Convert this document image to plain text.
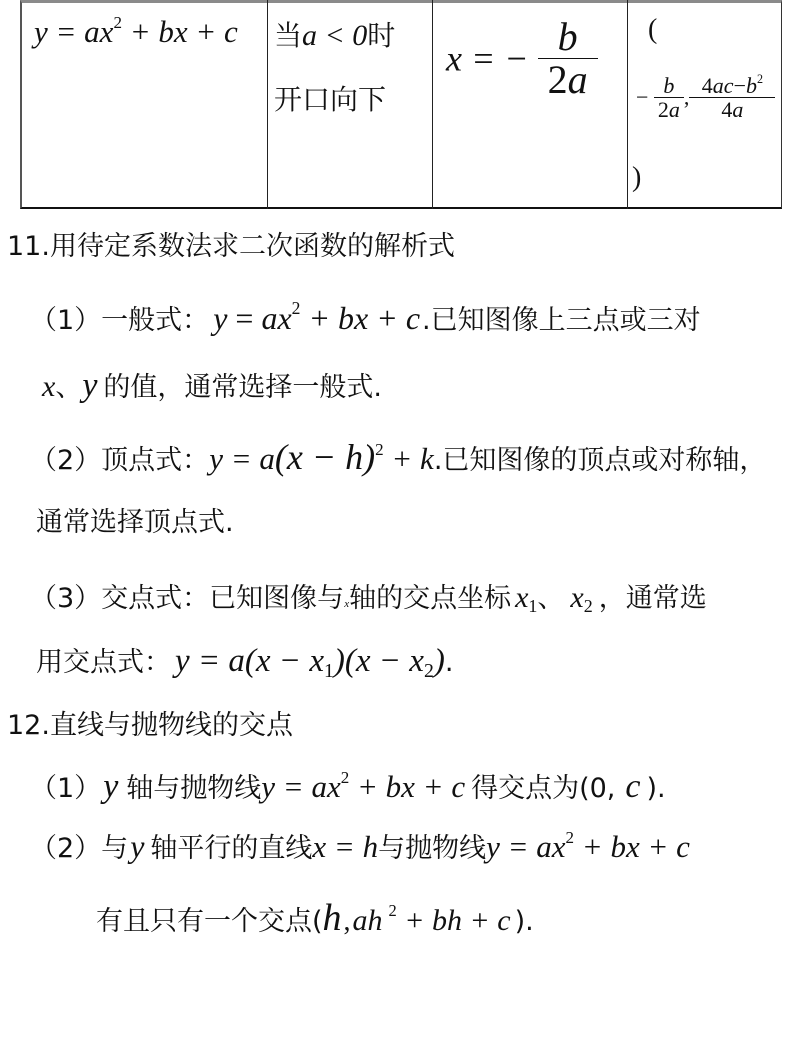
$y = ax^2$ + bx + c 当a < 0时
开口向下
x = − $\frac{b}{2a}$ (
− $\frac{b}{2a}$ , $\frac{4ac-b^2}{4a}$
)
11.用待定系数法求二次函数的解析式
（1）一般式： $y = ax^2$ + bx + c.已知图像上三点或三对
x、y 的值，通常选择一般式.
（2）顶点式：$y = a(x - h)^2 + k$.已知图像的顶点或对称轴，
通常选择顶点式.
（3）交点式：已知图像与x轴的交点坐标 $x_1$、 $x_2$ ，通常选
用交点式： $y = a(x - x_1)(x - x_2)$.
12.直线与抛物线的交点
（1）y 轴与抛物线$y = ax^2$ + bx + c 得交点为(0, c ).
（2）与y 轴平行的直线x = h与抛物线$y = ax^2$ + bx + c
有且只有一个交点(h,ah $^2$ + bh + c ).
